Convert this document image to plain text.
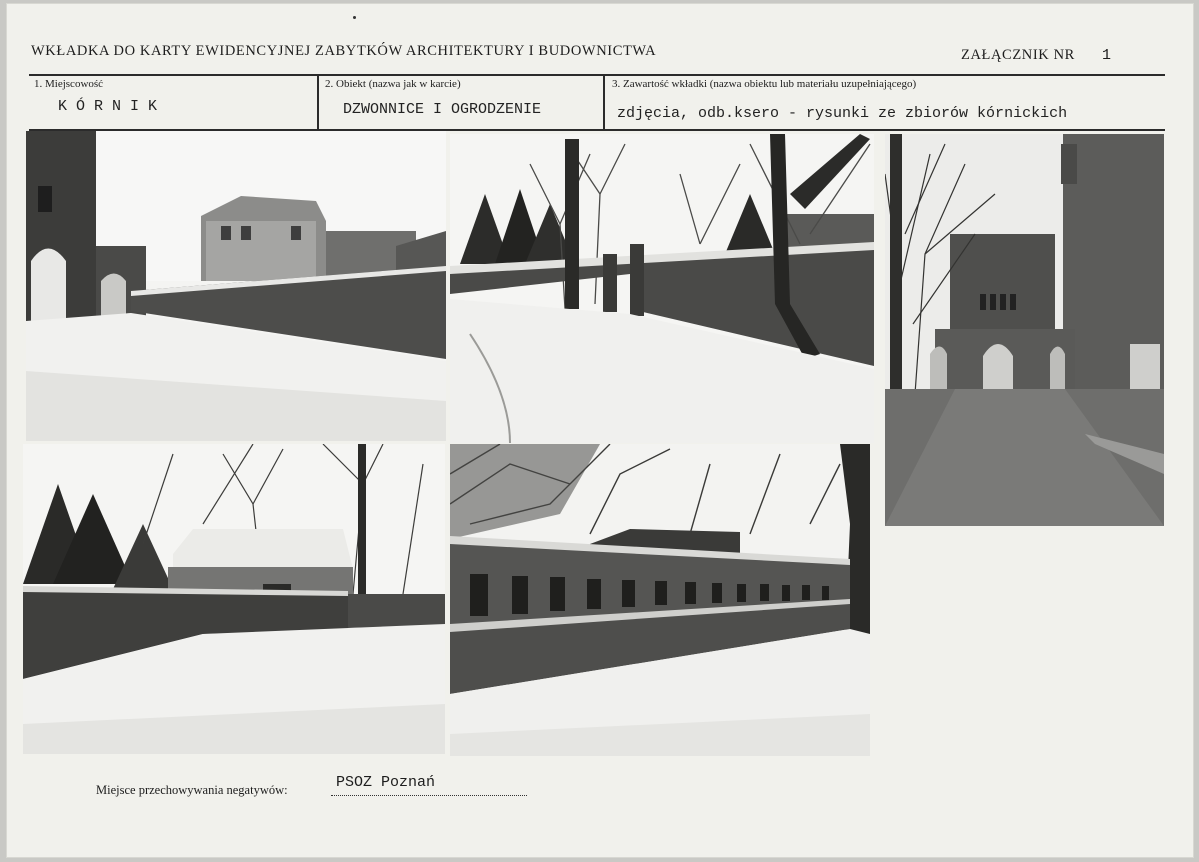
WKŁADKA DO KARTY EWIDENCYJNEJ ZABYTKÓW ARCHITEKTURY I BUDOWNICTWA	ZAŁĄCZNIK NR 1
1. Miejscowość
K Ó R N I K
2. Obiekt (nazwa jak w karcie)
DZWONNICE I OGRODZENIE
3. Zawartość wkładki (nazwa obiektu lub materiału uzupełniającego)
zdjęcia, odb.ksero - rysunki ze zbiorów kórnickich
Miejsce przechowywania negatywów:	PSOZ Poznań
